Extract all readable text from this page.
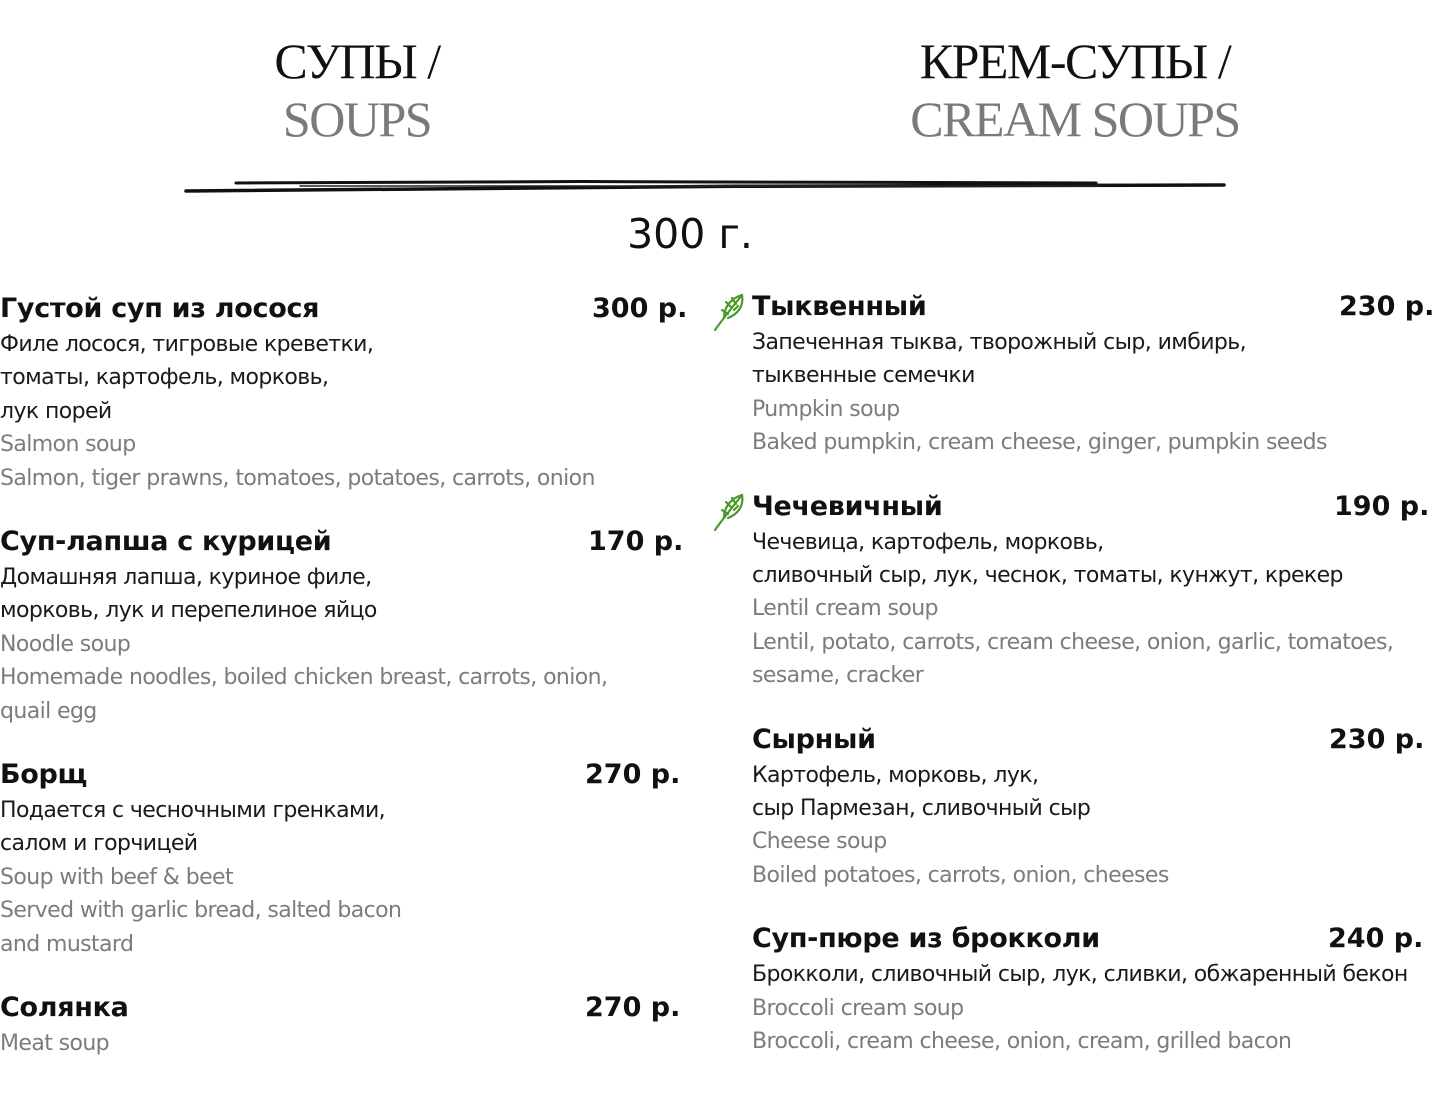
СУПЫ /
SOUPS
КРЕМ-СУПЫ /
CREAM SOUPS
300 г.
Густой суп из лосося	300 р.
Филе лосося, тигровые креветки,
томаты, картофель, морковь,
лук порей
Salmon soup
Salmon, tiger prawns, tomatoes, potatoes, carrots, onion
Суп-лапша с курицей	170 р.
Домашняя лапша, куриное филе,
морковь, лук и перепелиное яйцо
Noodle soup
Homemade noodles, boiled chicken breast, carrots, onion,
quail egg
Борщ	270 р.
Подается с чесночными гренками,
салом и горчицей
Soup with beef & beet
Served with garlic bread, salted bacon
and mustard
Солянка	270 р.
Meat soup
Тыквенный	230 р.
Запеченная тыква, творожный сыр, имбирь,
тыквенные семечки
Pumpkin soup
Baked pumpkin, cream cheese, ginger, pumpkin seeds
Чечевичный	190 р.
Чечевица, картофель, морковь,
сливочный сыр, лук, чеснок, томаты, кунжут, крекер
Lentil cream soup
Lentil, potato, carrots, cream cheese, onion, garlic, tomatoes,
sesame, cracker
Сырный	230 р.
Картофель, морковь, лук,
сыр Пармезан, сливочный сыр
Cheese soup
Boiled potatoes, carrots, onion, cheeses
Суп-пюре из брокколи	240 р.
Брокколи, сливочный сыр, лук, сливки, обжаренный бекон
Broccoli cream soup
Broccoli, cream cheese, onion, cream, grilled bacon
